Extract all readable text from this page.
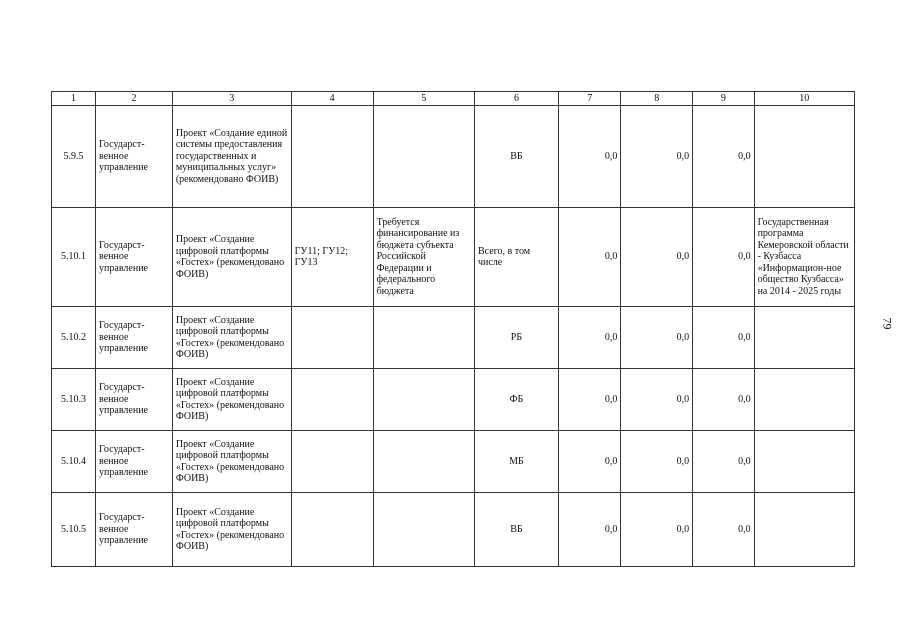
1	2	3	4	5	6	7	8	9	10
5.9.5	Государст-
венное
управление	Проект «Создание единой системы предоставления государственных и муниципальных услуг» (рекомендовано ФОИВ)			ВБ	0,0	0,0	0,0	
5.10.1	Государст-
венное
управление	Проект «Создание цифровой платформы «Гостех» (рекомендовано ФОИВ)	ГУ11; ГУ12; ГУ13	Требуется финансирование из бюджета субъекта Российской Федерации и федерального бюджета	Всего, в том числе	0,0	0,0	0,0	Государственная программа Кемеровской области - Кузбасса «Информацион-ное общество Кузбасса» на 2014 - 2025 годы
5.10.2	Государст-
венное
управление	Проект «Создание цифровой платформы «Гостех» (рекомендовано ФОИВ)			РБ	0,0	0,0	0,0	
5.10.3	Государст-
венное
управление	Проект «Создание цифровой платформы «Гостех» (рекомендовано ФОИВ)			ФБ	0,0	0,0	0,0	
5.10.4	Государст-
венное
управление	Проект «Создание цифровой платформы «Гостех» (рекомендовано ФОИВ)			МБ	0,0	0,0	0,0	
5.10.5	Государст-
венное
управление	Проект «Создание цифровой платформы «Гостех» (рекомендовано ФОИВ)			ВБ	0,0	0,0	0,0	
79
